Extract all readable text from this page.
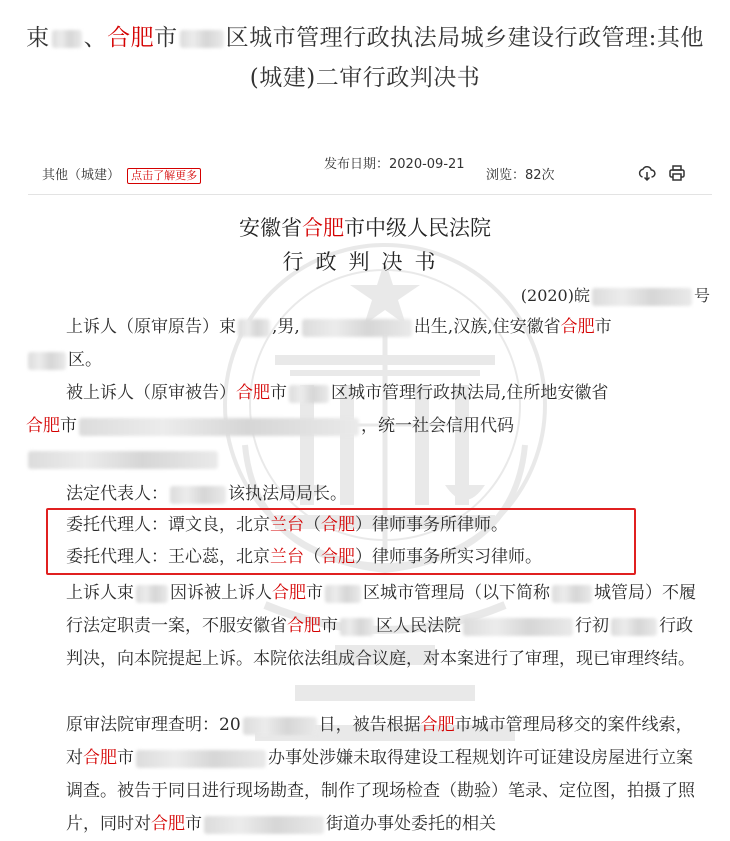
束 、合肥市 区城市管理行政执法局城乡建设行政管理:其他(城建)二审行政判决书
其他（城建） 点击了解更多
发布日期：2020-09-21
浏览：82次
安徽省合肥市中级人民法院
行政判决书
(2020)皖	号
上诉人（原审原告）束 ,男,	出生,汉族,住安徽省合肥市
区。
被上诉人（原审被告）合肥市	区城市管理行政执法局,住所地安徽省
合肥市	，统一社会信用代码
法定代表人：	该执法局局长。
委托代理人：谭文良，北京兰台（合肥）律师事务所律师。
委托代理人：王心蕊，北京兰台（合肥）律师事务所实习律师。
上诉人束 因诉被上诉人合肥市 区城市管理局（以下简称	城管局）不履行法定职责一案，不服安徽省合肥市 区人民法院	行初	行政判决，向本院提起上诉。本院依法组成合议庭，对本案进行了审理，现已审理终结。
原审法院审理查明：20	日，被告根据合肥市城市管理局移交的案件线索，对合肥市	办事处涉嫌未取得建设工程规划许可证建设房屋进行立案调查。被告于同日进行现场勘查，制作了现场检查（勘验）笔录、定位图，拍摄了照片，同时对合肥市	街道办事处委托的相关
